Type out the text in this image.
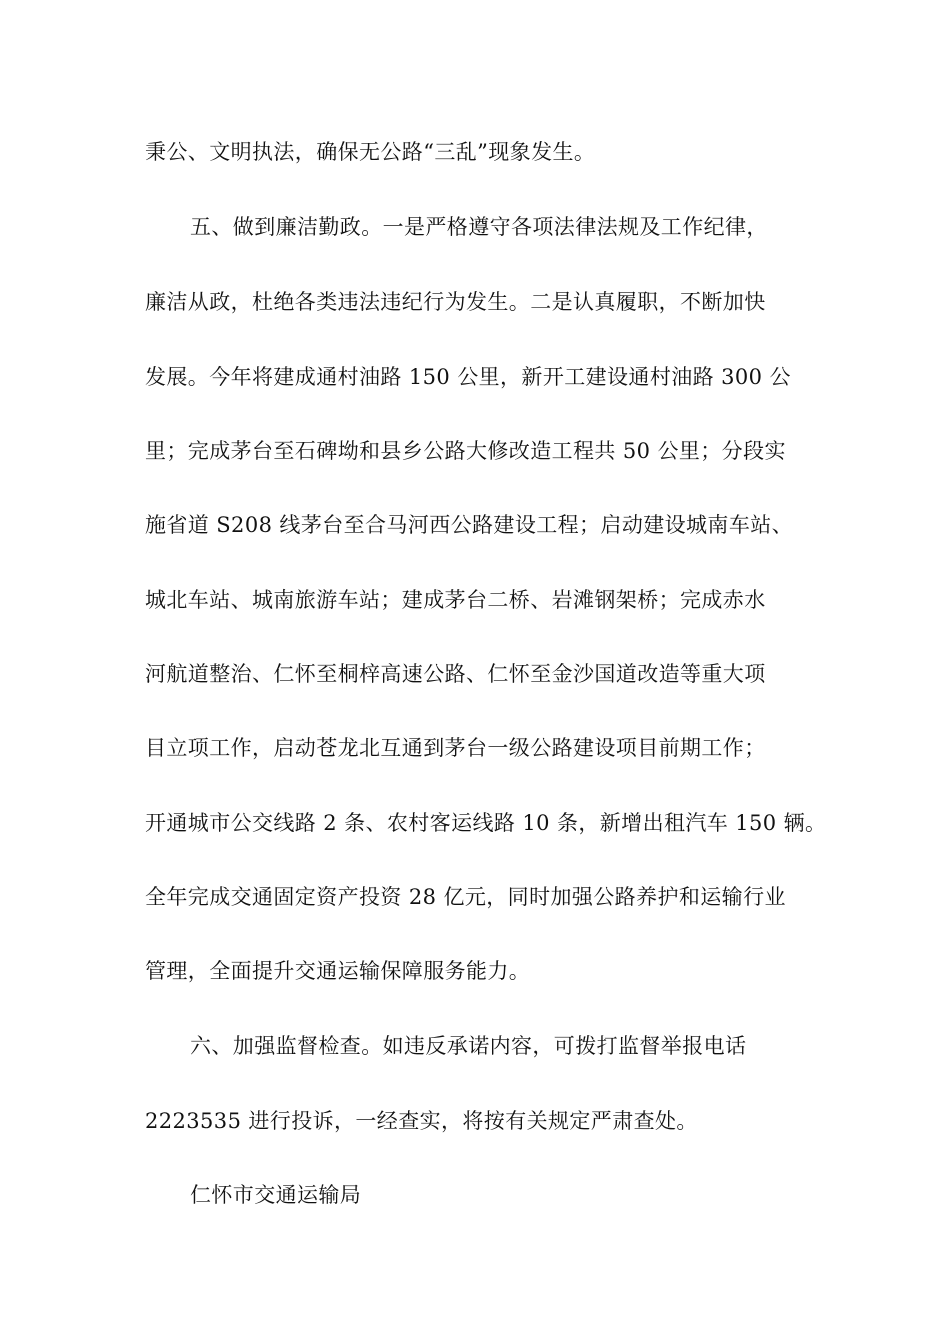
秉公、文明执法，确保无公路“三乱”现象发生。
五、做到廉洁勤政。一是严格遵守各项法律法规及工作纪律，
廉洁从政，杜绝各类违法违纪行为发生。二是认真履职，不断加快
发展。今年将建成通村油路 150 公里，新开工建设通村油路 300 公
里；完成茅台至石碑坳和县乡公路大修改造工程共 50 公里；分段实
施省道 S208 线茅台至合马河西公路建设工程；启动建设城南车站、
城北车站、城南旅游车站；建成茅台二桥、岩滩钢架桥；完成赤水
河航道整治、仁怀至桐梓高速公路、仁怀至金沙国道改造等重大项
目立项工作，启动苍龙北互通到茅台一级公路建设项目前期工作；
开通城市公交线路 2 条、农村客运线路 10 条，新增出租汽车 150 辆。
全年完成交通固定资产投资 28 亿元，同时加强公路养护和运输行业
管理，全面提升交通运输保障服务能力。
六、加强监督检查。如违反承诺内容，可拨打监督举报电话
2223535 进行投诉，一经查实，将按有关规定严肃查处。
仁怀市交通运输局
